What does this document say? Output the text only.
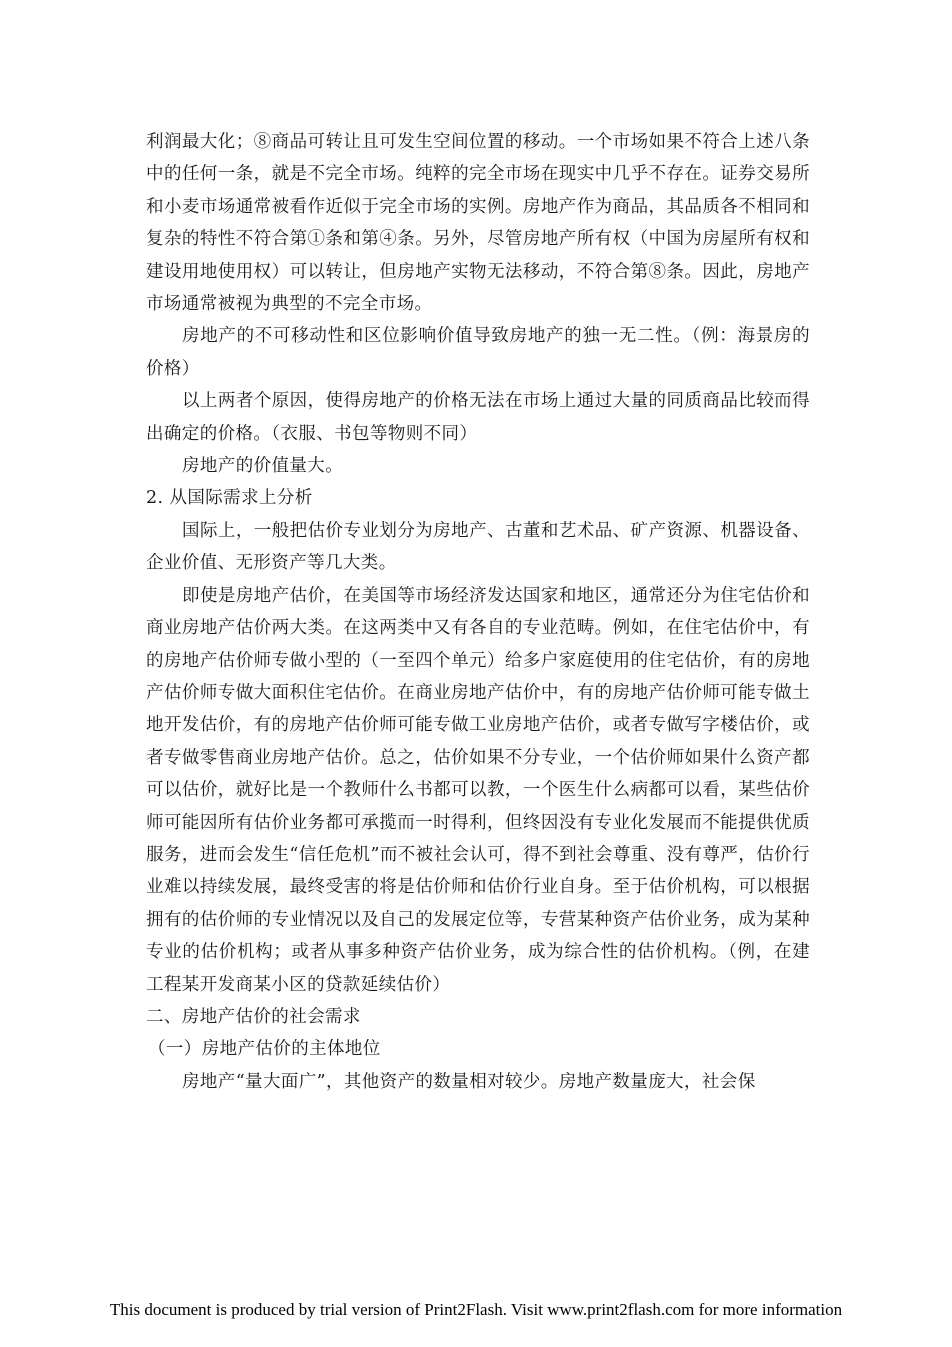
利润最大化；⑧商品可转让且可发生空间位置的移动。一个市场如果不符合上述八条中的任何一条，就是不完全市场。纯粹的完全市场在现实中几乎不存在。证券交易所和小麦市场通常被看作近似于完全市场的实例。房地产作为商品，其品质各不相同和复杂的特性不符合第①条和第④条。另外，尽管房地产所有权（中国为房屋所有权和建设用地使用权）可以转让，但房地产实物无法移动，不符合第⑧条。因此，房地产市场通常被视为典型的不完全市场。

房地产的不可移动性和区位影响价值导致房地产的独一无二性。（例：海景房的价格）

以上两者个原因，使得房地产的价格无法在市场上通过大量的同质商品比较而得出确定的价格。（衣服、书包等物则不同）

房地产的价值量大。

2. 从国际需求上分析

国际上，一般把估价专业划分为房地产、古董和艺术品、矿产资源、机器设备、企业价值、无形资产等几大类。

即使是房地产估价，在美国等市场经济发达国家和地区，通常还分为住宅估价和商业房地产估价两大类。在这两类中又有各自的专业范畴。例如，在住宅估价中，有的房地产估价师专做小型的（一至四个单元）给多户家庭使用的住宅估价，有的房地产估价师专做大面积住宅估价。在商业房地产估价中，有的房地产估价师可能专做土地开发估价，有的房地产估价师可能专做工业房地产估价，或者专做写字楼估价，或者专做零售商业房地产估价。总之，估价如果不分专业，一个估价师如果什么资产都可以估价，就好比是一个教师什么书都可以教，一个医生什么病都可以看，某些估价师可能因所有估价业务都可承揽而一时得利，但终因没有专业化发展而不能提供优质服务，进而会发生“信任危机”而不被社会认可，得不到社会尊重、没有尊严，估价行业难以持续发展，最终受害的将是估价师和估价行业自身。至于估价机构，可以根据拥有的估价师的专业情况以及自己的发展定位等，专营某种资产估价业务，成为某种专业的估价机构；或者从事多种资产估价业务，成为综合性的估价机构。（例，在建工程某开发商某小区的贷款延续估价）

二、房地产估价的社会需求

（一）房地产估价的主体地位

房地产“量大面广”，其他资产的数量相对较少。房地产数量庞大，社会保

This document is produced by trial version of Print2Flash. Visit www.print2flash.com for more information
